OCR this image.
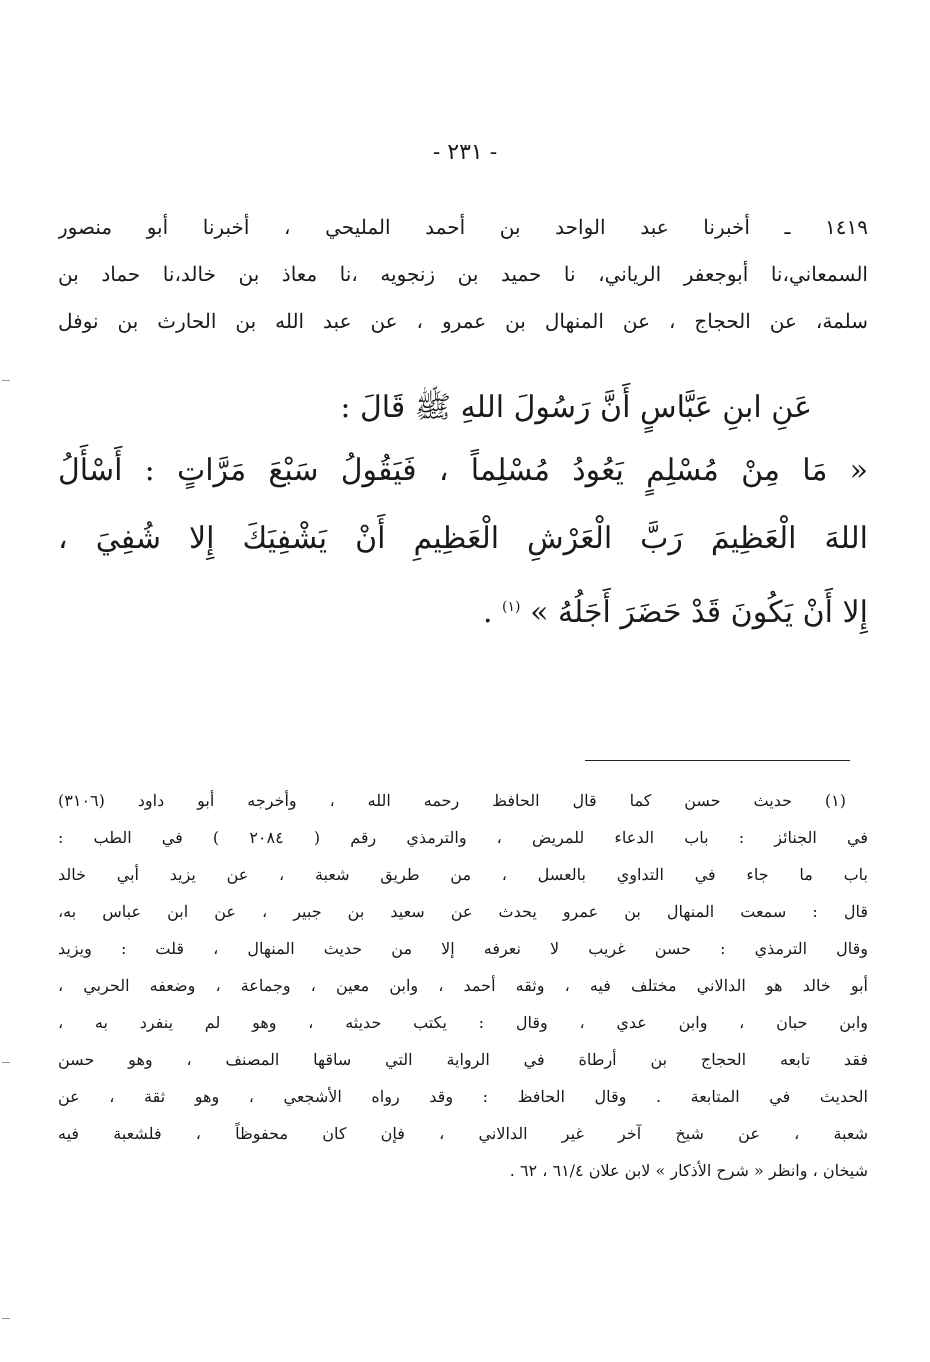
- ٢٣١ -
١٤١٩ ـ أخبرنا عبد الواحد بن أحمد المليحي ، أخبرنا أبو منصور
السمعاني،نا أبوجعفر الرياني، نا حميد بن زنجويه ،نا معاذ بن خالد،نا حماد بن
سلمة، عن الحجاج ، عن المنهال بن عمرو ، عن عبد الله بن الحارث بن نوفل
عَنِ ابنِ عَبَّاسٍ أَنَّ رَسُولَ اللهِ ﷺ قَالَ :
« مَا مِنْ مُسْلِمٍ يَعُودُ مُسْلِماً ، فَيَقُولُ سَبْعَ مَرَّاتٍ : أَسْأَلُ
اللهَ الْعَظِيمَ رَبَّ الْعَرْشِ الْعَظِيمِ أَنْ يَشْفِيَكَ إِلا شُفِيَ ،
إِلا أَنْ يَكُونَ قَدْ حَضَرَ أَجَلُهُ » $^{(١)}$ .
(١) حديث حسن كما قال الحافظ رحمه الله ، وأخرجه أبو داود (٣١٠٦)
في الجنائز : باب الدعاء للمريض ، والترمذي رقم ( ٢٠٨٤ ) في الطب :
باب ما جاء في التداوي بالعسل ، من طريق شعبة ، عن يزيد أبي خالد
قال : سمعت المنهال بن عمرو يحدث عن سعيد بن جبير ، عن ابن عباس به،
وقال الترمذي : حسن غريب لا نعرفه إلا من حديث المنهال ، قلت : ويزيد
أبو خالد هو الدالاني مختلف فيه ، وثقه أحمد ، وابن معين ، وجماعة ، وضعفه الحربي ،
وابن حبان ، وابن عدي ، وقال : يكتب حديثه ، وهو لم ينفرد به ،
فقد تابعه الحجاج بن أرطاة في الرواية التي ساقها المصنف ، وهو حسن
الحديث في المتابعة . وقال الحافظ : وقد رواه الأشجعي ، وهو ثقة ، عن
شعبة ، عن شيخ آخر غير الدالاني ، فإن كان محفوظاً ، فلشعبة فيه
شيخان ، وانظر « شرح الأذكار » لابن علان ٦١/٤ ، ٦٢ .
